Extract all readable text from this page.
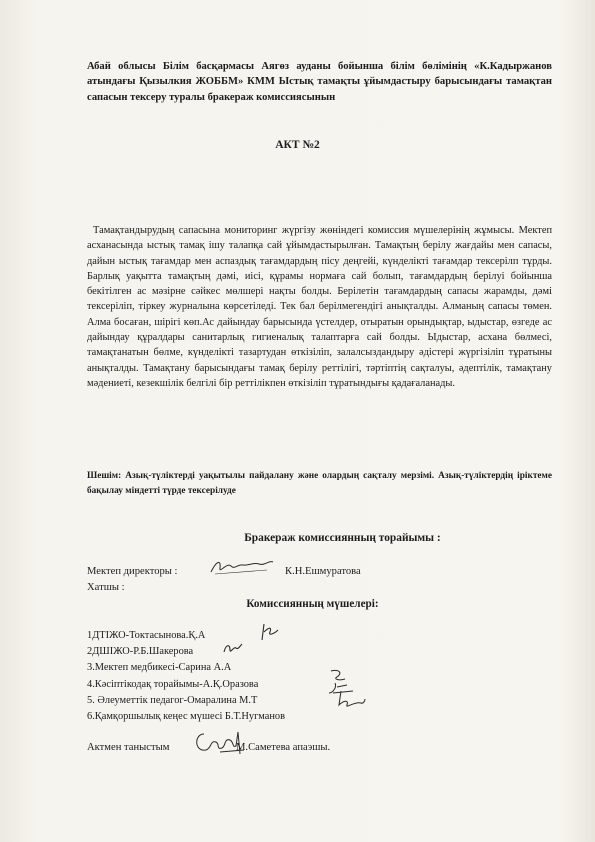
Абай облысы Білім басқармасы Аягөз ауданы бойынша білім бөлімінің «К.Кадыржанов атындағы Қызылкия ЖОББМ» КММ Ыстық тамақты ұйымдастыру барысындағы тамақтан сапасын тексеру туралы бракераж комиссиясынын
АКТ №2
Тамақтандырудың сапасына мониторинг жүргізу жөніндегі комиссия мүшелерінің жұмысы. Мектеп асханасында ыстық тамақ ішу талапқа сай ұйымдастырылған. Тамақтың берілу жағдайы мен сапасы, дайын ыстық тағамдар мен аспаздық тағамдардың пісу деңгейі, күнделікті тағамдар тексерілп тұрды. Барлық уақытта тамақтың дәмі, иісі, құрамы нормаға сай болып, тағамдардың берілуі бойынша бекітілген ас мәзірне сәйкес мөлшері нақты болды. Берілетін тағамдардың сапасы жарамды, дәмі тексеріліп, тіркеу журналына көрсетіледі. Тек бал берілмегендігі анықталды. Алманың сапасы төмен. Алма босаған, шірігі көп.Ас дайындау барысында үстелдер, отыратын орындықтар, ыдыстар, өзгеде ас дайындау құралдары санитарлық гигиеналық талаптарға сай болды. Ыдыстар, асхана бөлмесі, тамақтанатын бөлме, күнделікті тазартудан өткізіліп, залалсыздандыру әдістері жүргізіліп тұратыны анықталды. Тамақтану барысындағы тамақ берілу реттілігі, тәртіптің сақталуы, әдептілік, тамақтану мәдениеті, кезекшілік белгілі бір реттілікпен өткізіліп тұратындығы қадағаланады.
Шешім: Азық-түліктерді уақытылы пайдалану және олардың сақталу мерзімі. Азық-түліктердің іріктеме бақылау міндетті түрде тексерілуде
Бракераж комиссиянның торайымы :
Мектеп директоры :	К.Н.Ешмуратова
Хатшы :
Комиссиянның мүшелері:
1ДТІЖО-Токтасынова.Қ.А
2ДШІЖО-Р.Б.Шакерова
3.Мектеп медбикесі-Сарина А.А
4.Кәсіптікодақ торайымы-А.Қ.Оразова
5. Әлеуметтік педагог-Омаралина М.Т
6.Қамқоршылық кеңес мүшесі Б.Т.Нугманов
Актмен таныстым	М.Саметева апаэшы.
